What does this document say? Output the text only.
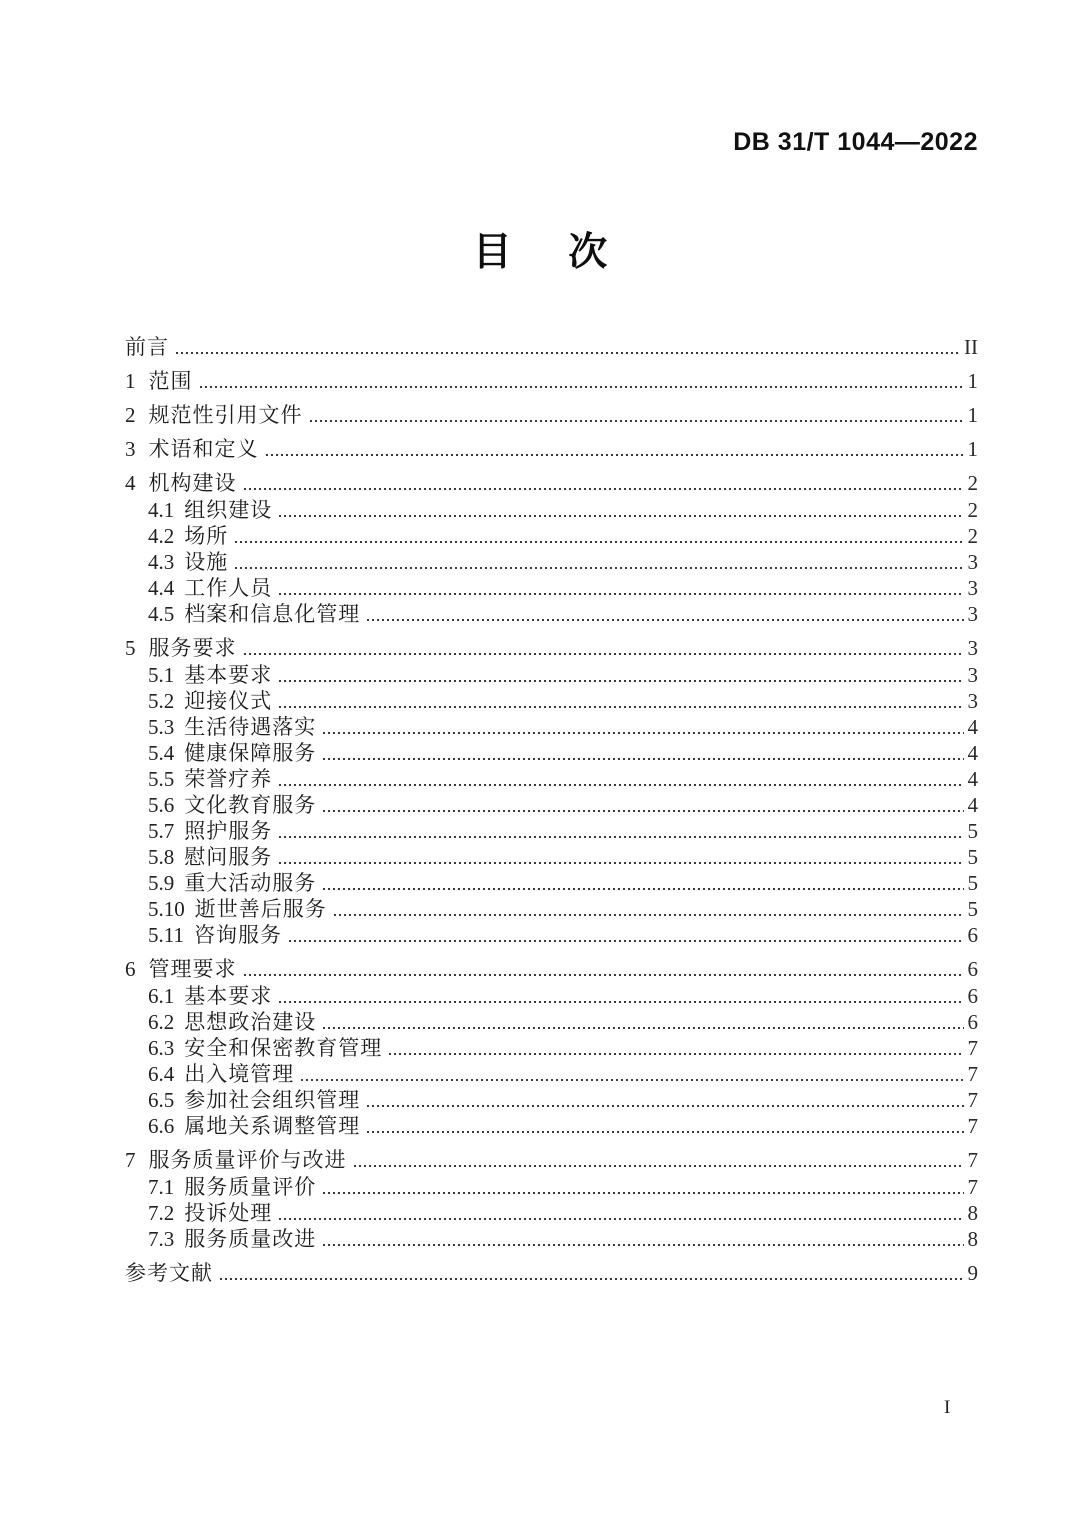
DB 31/T 1044—2022
目次
前言	II
1 范围	1
2 规范性引用文件	1
3 术语和定义	1
4 机构建设	2
4.1 组织建设	2
4.2 场所	2
4.3 设施	3
4.4 工作人员	3
4.5 档案和信息化管理	3
5 服务要求	3
5.1 基本要求	3
5.2 迎接仪式	3
5.3 生活待遇落实	4
5.4 健康保障服务	4
5.5 荣誉疗养	4
5.6 文化教育服务	4
5.7 照护服务	5
5.8 慰问服务	5
5.9 重大活动服务	5
5.10 逝世善后服务	5
5.11 咨询服务	6
6 管理要求	6
6.1 基本要求	6
6.2 思想政治建设	6
6.3 安全和保密教育管理	7
6.4 出入境管理	7
6.5 参加社会组织管理	7
6.6 属地关系调整管理	7
7 服务质量评价与改进	7
7.1 服务质量评价	7
7.2 投诉处理	8
7.3 服务质量改进	8
参考文献	9
I
